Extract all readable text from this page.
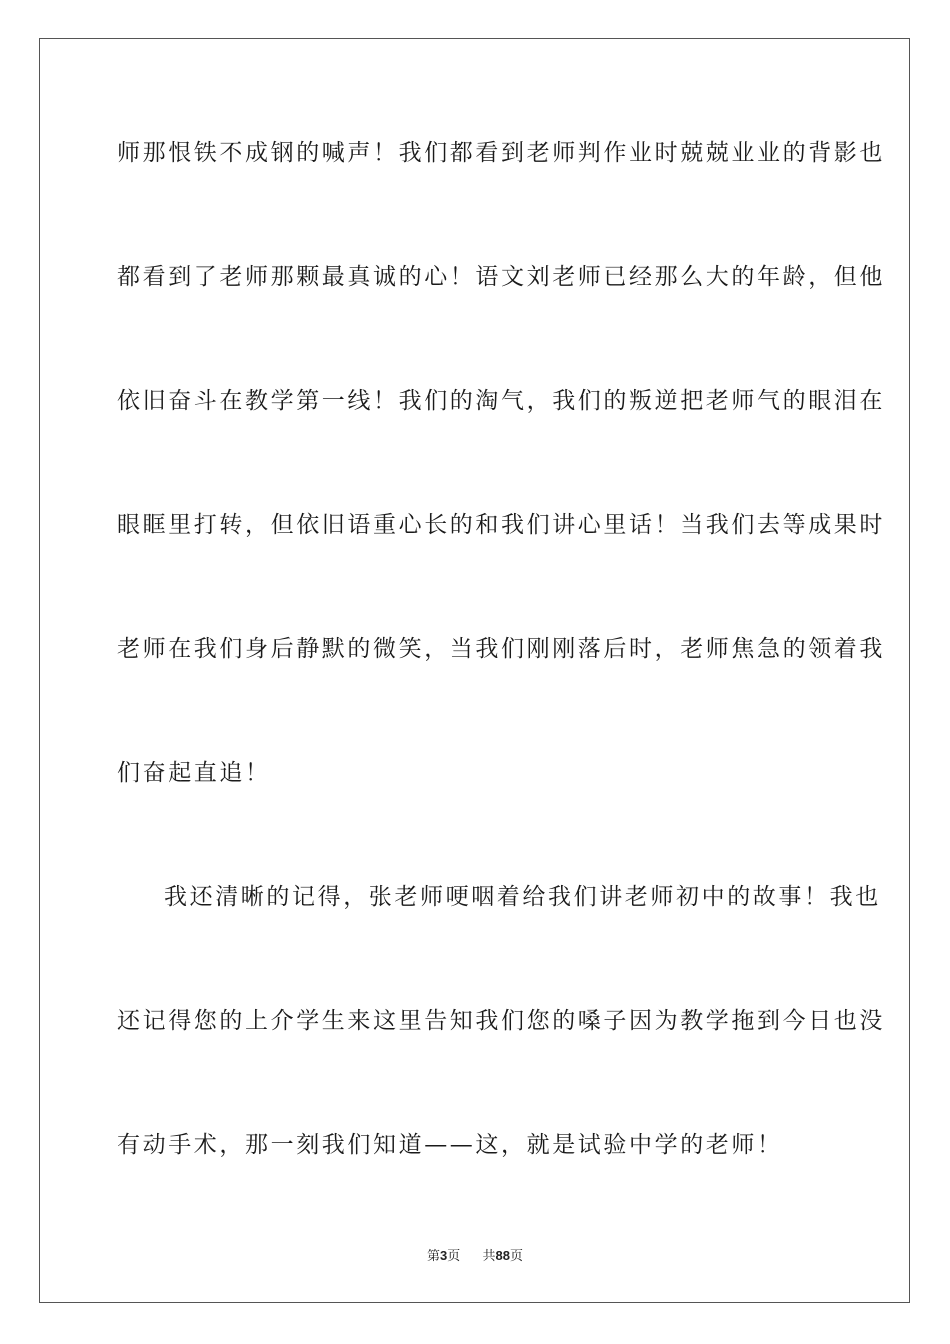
师那恨铁不成钢的喊声！我们都看到老师判作业时兢兢业业的背影也
都看到了老师那颗最真诚的心！语文刘老师已经那么大的年龄，但他
依旧奋斗在教学第一线！我们的淘气，我们的叛逆把老师气的眼泪在
眼眶里打转，但依旧语重心长的和我们讲心里话！当我们去等成果时
老师在我们身后静默的微笑，当我们刚刚落后时，老师焦急的领着我
们奋起直追！
我还清晰的记得，张老师哽咽着给我们讲老师初中的故事！我也
还记得您的上介学生来这里告知我们您的嗓子因为教学拖到今日也没
有动手术，那一刻我们知道——这，就是试验中学的老师！
第3页 共88页
